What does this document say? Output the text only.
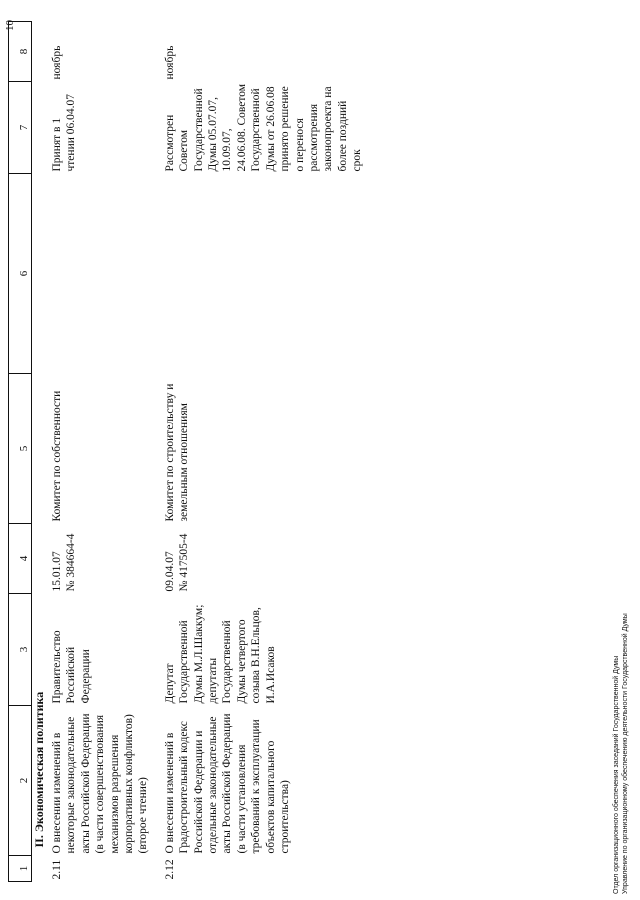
1	2	3	4	5	6	7	8
	II. Экономическая политика						
2.11	О внесении изменений в некоторые законодательные акты Российской Федерации (в части совершенствования механизмов разрешения корпоративных конфликтов) (второе чтение)	Правительство Российской Федерации	15.01.07 № 384664-4	Комитет по собственности		Принят в 1 чтении 06.04.07	ноябрь
2.12	О внесении изменений в Градостроительный кодекс Российской Федерации и отдельные законодательные акты Российской Федерации (в части установления требований к эксплуатации объектов капитального строительства)	Депутат Государственной Думы М.Л.Шаккум; депутаты Государственной Думы четвертого созыва В.Н.Ельцов, И.А.Исаков	09.04.07 № 417505-4	Комитет по строительству и земельным отношениям		Рассмотрен Советом Государственной Думы 05.07.07, 10.09.07, 24.06.08. Советом Государственной Думы от 26.06.08 принято решение о перенося рассмотрения законопроекта на более поздний срок	ноябрь
Отдел организационного обеспечения заседаний Государственной Думы Управление по организационному обеспечению деятельности Государственной Думы
10
